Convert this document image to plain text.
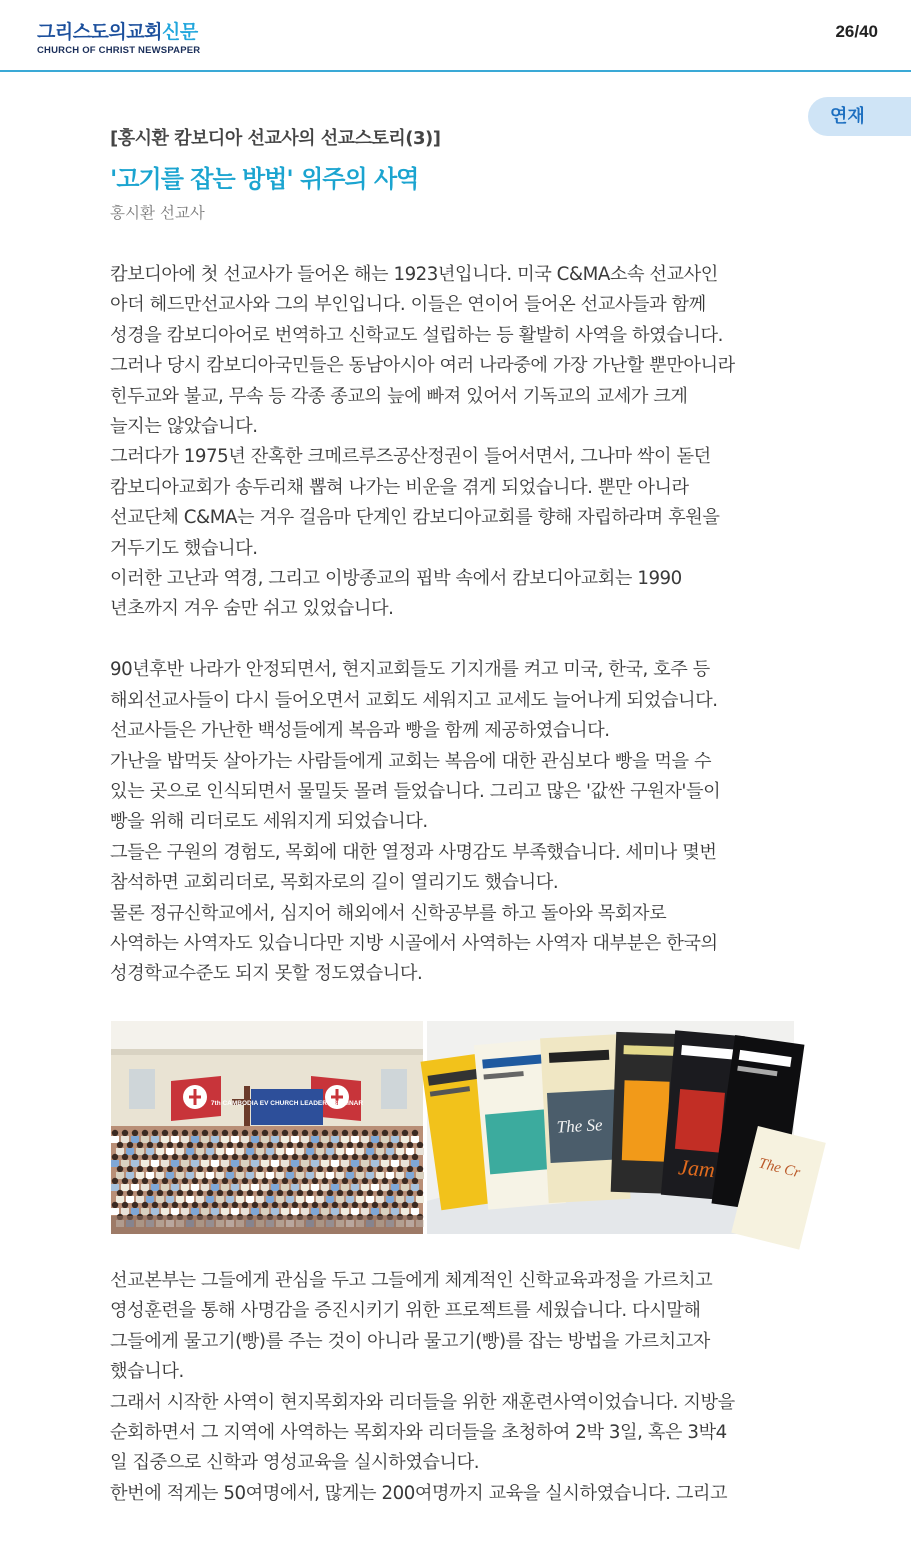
그리스도의교회신문
CHURCH OF CHRIST NEWSPAPER
26/40
연재
[홍시환 캄보디아 선교사의 선교스토리(3)]
'고기를 잡는 방법' 위주의 사역
홍시환 선교사

캄보디아에 첫 선교사가 들어온 해는 1923년입니다. 미국 C&MA소속 선교사인

아더 헤드만선교사와 그의 부인입니다. 이들은 연이어 들어온 선교사들과 함께

성경을 캄보디아어로 번역하고 신학교도 설립하는 등 활발히 사역을 하였습니다.

그러나 당시 캄보디아국민들은 동남아시아 여러 나라중에 가장 가난할 뿐만아니라

힌두교와 불교, 무속 등 각종 종교의 늪에 빠져 있어서 기독교의 교세가 크게

늘지는 않았습니다.

그러다가 1975년 잔혹한 크메르루즈공산정권이 들어서면서, 그나마 싹이 돋던

캄보디아교회가 송두리채 뽑혀 나가는 비운을 겪게 되었습니다. 뿐만 아니라

선교단체 C&MA는 겨우 걸음마 단계인 캄보디아교회를 향해 자립하라며 후원을

거두기도 했습니다.

이러한 고난과 역경, 그리고 이방종교의 핍박 속에서 캄보디아교회는 1990

년초까지 겨우 숨만 쉬고 있었습니다.

90년후반 나라가 안정되면서, 현지교회들도 기지개를 켜고 미국, 한국, 호주 등

해외선교사들이 다시 들어오면서 교회도 세워지고 교세도 늘어나게 되었습니다.

선교사들은 가난한 백성들에게 복음과 빵을 함께 제공하였습니다.

가난을 밥먹듯 살아가는 사람들에게 교회는 복음에 대한 관심보다 빵을 먹을 수

있는 곳으로 인식되면서 물밀듯 몰려 들었습니다. 그리고 많은 '값싼 구원자'들이

빵을 위해 리더로도 세워지게 되었습니다.

그들은 구원의 경험도, 목회에 대한 열정과 사명감도 부족했습니다. 세미나 몇번

참석하면 교회리더로, 목회자로의 길이 열리기도 했습니다.

물론 정규신학교에서, 심지어 해외에서 신학공부를 하고 돌아와 목회자로

사역하는 사역자도 있습니다만 지방 시골에서 사역하는 사역자 대부분은 한국의

성경학교수준도 되지 못할 정도였습니다.

7th CAMBODIA EV CHURCH LEADERS SEMINAR
The Se
Jam	The Cr

선교본부는 그들에게 관심을 두고 그들에게 체계적인 신학교육과정을 가르치고

영성훈련을 통해 사명감을 증진시키기 위한 프로젝트를 세웠습니다. 다시말해

그들에게 물고기(빵)를 주는 것이 아니라 물고기(빵)를 잡는 방법을 가르치고자

했습니다.

그래서 시작한 사역이 현지목회자와 리더들을 위한 재훈련사역이었습니다. 지방을

순회하면서 그 지역에 사역하는 목회자와 리더들을 초청하여 2박 3일, 혹은 3박4

일 집중으로 신학과 영성교육을 실시하였습니다.

한번에 적게는 50여명에서, 많게는 200여명까지 교육을 실시하였습니다. 그리고
